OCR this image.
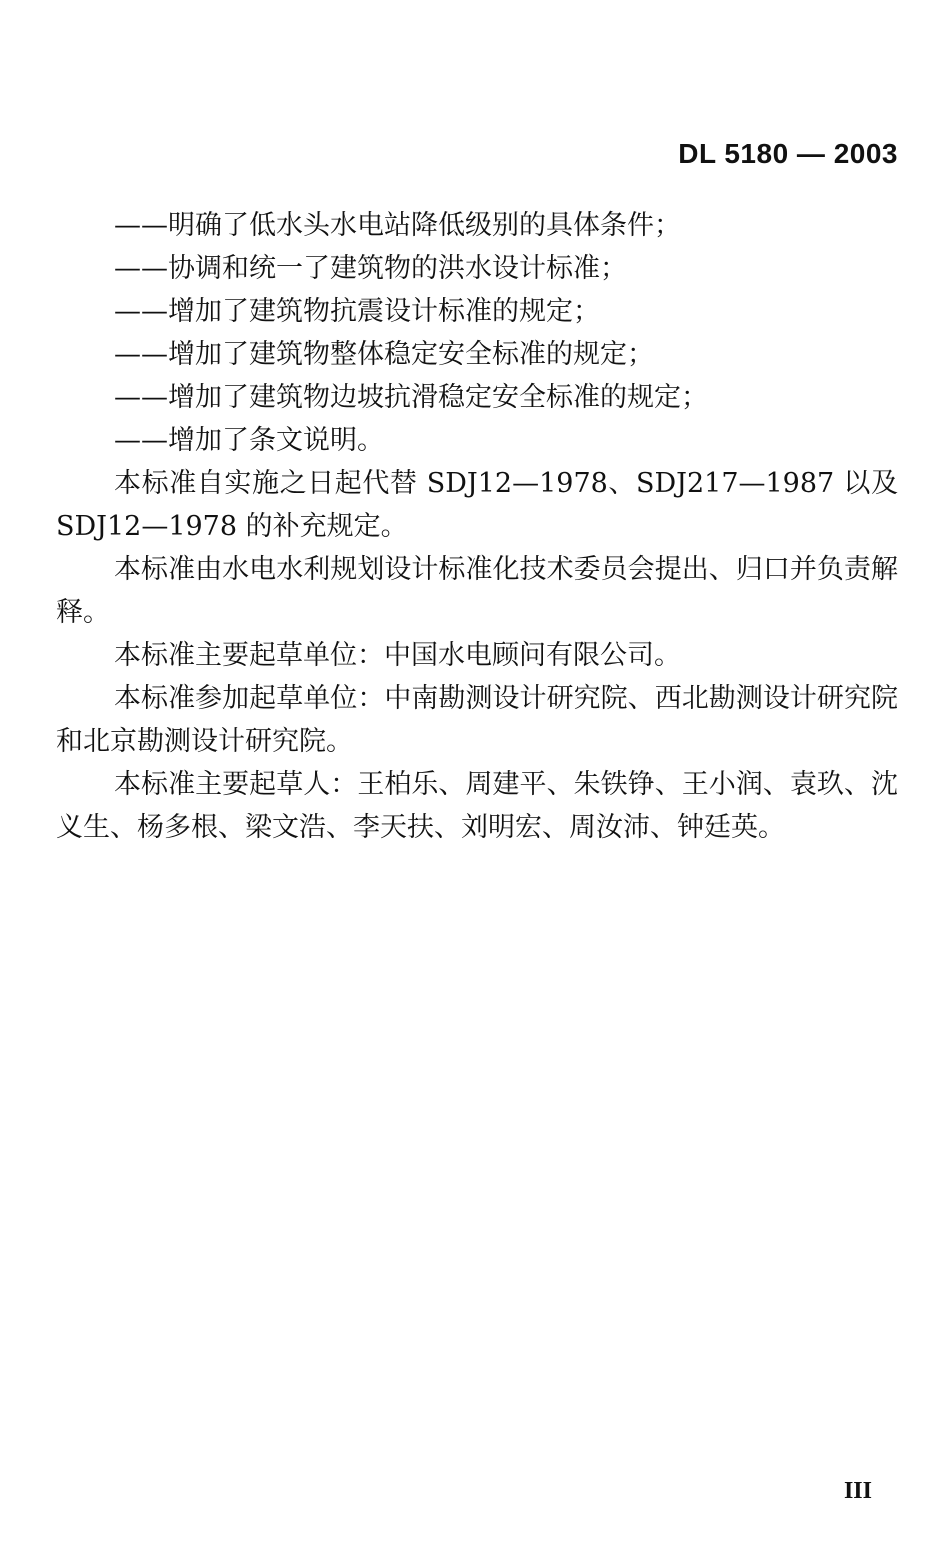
DL 5180 — 2003

——明确了低水头水电站降低级别的具体条件；

——协调和统一了建筑物的洪水设计标准；

——增加了建筑物抗震设计标准的规定；

——增加了建筑物整体稳定安全标准的规定；

——增加了建筑物边坡抗滑稳定安全标准的规定；

——增加了条文说明。

本标准自实施之日起代替 SDJ12—1978、SDJ217—1987 以及SDJ12—1978 的补充规定。

本标准由水电水利规划设计标准化技术委员会提出、归口并负责解释。

本标准主要起草单位：中国水电顾问有限公司。

本标准参加起草单位：中南勘测设计研究院、西北勘测设计研究院和北京勘测设计研究院。

本标准主要起草人：王柏乐、周建平、朱铁铮、王小润、袁玖、沈义生、杨多根、梁文浩、李天扶、刘明宏、周汝沛、钟廷英。

III
